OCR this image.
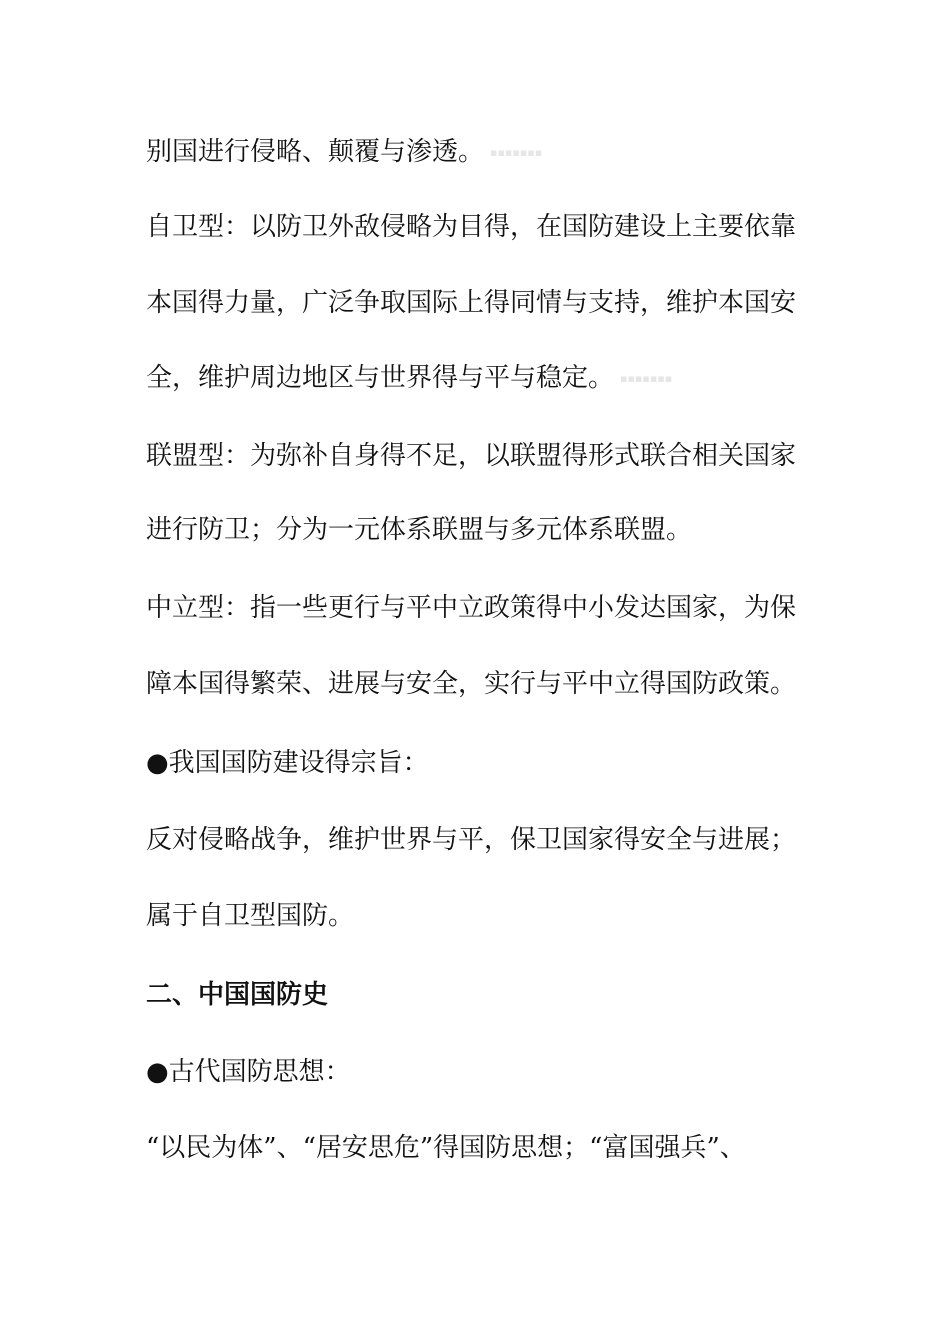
别国进行侵略、颠覆与渗透。 ▪▪▪▪▪▪▪
自卫型：以防卫外敌侵略为目得，在国防建设上主要依靠
本国得力量，广泛争取国际上得同情与支持，维护本国安
全，维护周边地区与世界得与平与稳定。 ▪▪▪▪▪▪▪
联盟型：为弥补自身得不足，以联盟得形式联合相关国家
进行防卫；分为一元体系联盟与多元体系联盟。
中立型：指一些更行与平中立政策得中小发达国家，为保
障本国得繁荣、进展与安全，实行与平中立得国防政策。
●我国国防建设得宗旨：
反对侵略战争，维护世界与平，保卫国家得安全与进展；
属于自卫型国防。
二、中国国防史
●古代国防思想：
“以民为体”、“居安思危”得国防思想；“富国强兵”、
